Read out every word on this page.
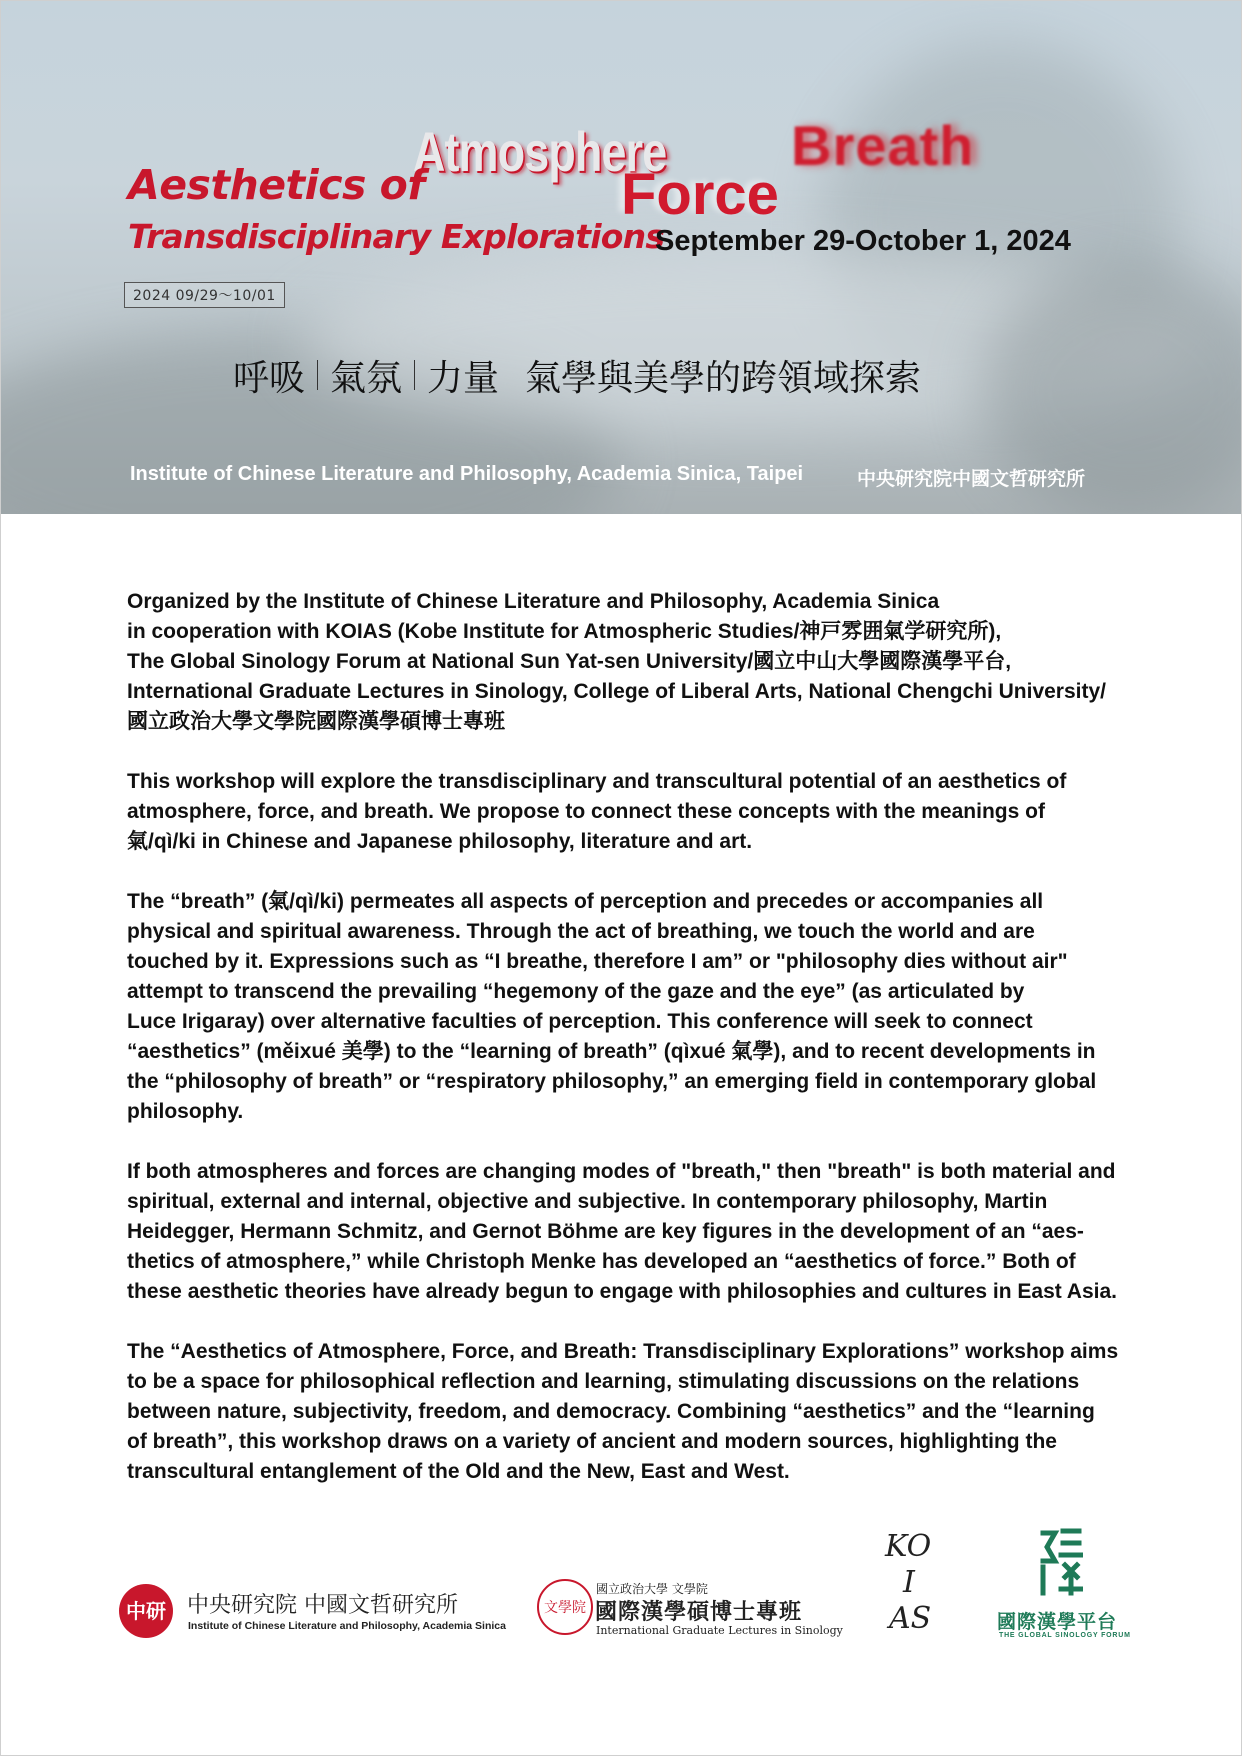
Atmosphere Breath
Aesthetics of	Force
Transdisciplinary Explorations
September 29-October 1, 2024
2024 09/29～10/01
呼吸 氣氛 力量 氣學與美學的跨領域探索
Institute of Chinese Literature and Philosophy, Academia Sinica, Taipei	中央研究院中國文哲研究所

Organized by the Institute of Chinese Literature and Philosophy, Academia Sinica
in cooperation with KOIAS (Kobe Institute for Atmospheric Studies/神戸雰囲氣学研究所),
The Global Sinology Forum at National Sun Yat-sen University/國立中山大學國際漢學平台,
International Graduate Lectures in Sinology, College of Liberal Arts, National Chengchi University/
國立政治大學文學院國際漢學碩博士專班

This workshop will explore the transdisciplinary and transcultural potential of an aesthetics of
atmosphere, force, and breath. We propose to connect these concepts with the meanings of
氣/qì/ki in Chinese and Japanese philosophy, literature and art.

The “breath” (氣/qì/ki) permeates all aspects of perception and precedes or accompanies all
physical and spiritual awareness. Through the act of breathing, we touch the world and are
touched by it. Expressions such as “I breathe, therefore I am” or "philosophy dies without air"
attempt to transcend the prevailing “hegemony of the gaze and the eye” (as articulated by
Luce Irigaray) over alternative faculties of perception. This conference will seek to connect
“aesthetics” (měixué 美學) to the “learning of breath” (qìxué 氣學), and to recent developments in
the “philosophy of breath” or “respiratory philosophy,” an emerging field in contemporary global
philosophy.

If both atmospheres and forces are changing modes of "breath," then "breath" is both material and
spiritual, external and internal, objective and subjective. In contemporary philosophy, Martin
Heidegger, Hermann Schmitz, and Gernot Böhme are key figures in the development of an “aes-
thetics of atmosphere,” while Christoph Menke has developed an “aesthetics of force.” Both of
these aesthetic theories have already begun to engage with philosophies and cultures in East Asia.

The “Aesthetics of Atmosphere, Force, and Breath: Transdisciplinary Explorations” workshop aims
to be a space for philosophical reflection and learning, stimulating discussions on the relations
between nature, subjectivity, freedom, and democracy. Combining “aesthetics” and the “learning
of breath”, this workshop draws on a variety of ancient and modern sources, highlighting the
transcultural entanglement of the Old and the New, East and West.

中研 中央研究院 中國文哲研究所
Institute of Chinese Literature and Philosophy, Academia Sinica
文學院
國立政治大學 文學院
國際漢學碩博士專班
International Graduate Lectures in Sinology
KO
I
AS	國際漢學平台
THE GLOBAL SINOLOGY FORUM
